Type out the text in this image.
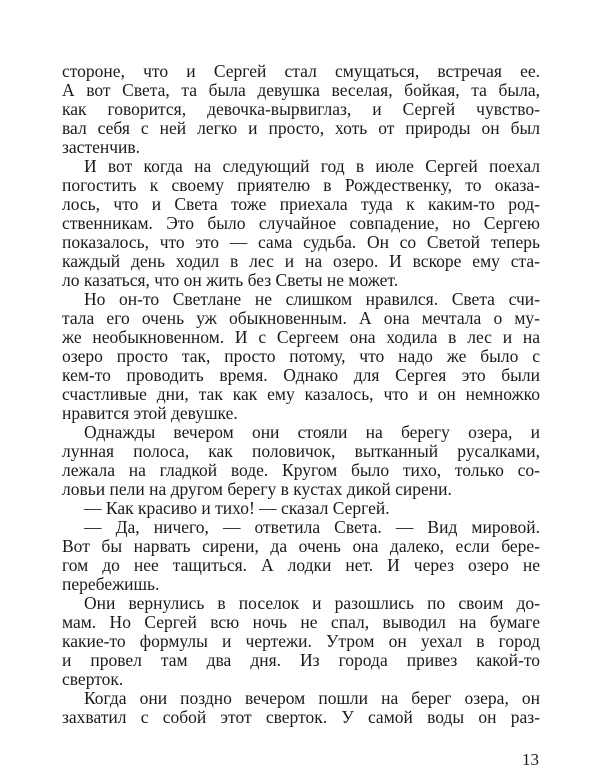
стороне, что и Сергей стал смущаться, встречая ее.
А вот Света, та была девушка веселая, бойкая, та была,
как говорится, девочка-вырвиглаз, и Сергей чувство-
вал себя с ней легко и просто, хоть от природы он был
застенчив.
И вот когда на следующий год в июле Сергей поехал
погостить к своему приятелю в Рождественку, то оказа-
лось, что и Света тоже приехала туда к каким-то род-
ственникам. Это было случайное совпадение, но Сергею
показалось, что это — сама судьба. Он со Светой теперь
каждый день ходил в лес и на озеро. И вскоре ему ста-
ло казаться, что он жить без Светы не может.
Но он-то Светлане не слишком нравился. Света счи-
тала его очень уж обыкновенным. А она мечтала о му-
же необыкновенном. И с Сергеем она ходила в лес и на
озеро просто так, просто потому, что надо же было с
кем-то проводить время. Однако для Сергея это были
счастливые дни, так как ему казалось, что и он немножко
нравится этой девушке.
Однажды вечером они стояли на берегу озера, и
лунная полоса, как половичок, вытканный русалками,
лежала на гладкой воде. Кругом было тихо, только со-
ловьи пели на другом берегу в кустах дикой сирени.
— Как красиво и тихо! — сказал Сергей.
— Да, ничего, — ответила Света. — Вид мировой.
Вот бы нарвать сирени, да очень она далеко, если бере-
гом до нее тащиться. А лодки нет. И через озеро не
перебежишь.
Они вернулись в поселок и разошлись по своим до-
мам. Но Сергей всю ночь не спал, выводил на бумаге
какие-то формулы и чертежи. Утром он уехал в город
и провел там два дня. Из города привез какой-то
сверток.
Когда они поздно вечером пошли на берег озера, он
захватил с собой этот сверток. У самой воды он раз-
13
